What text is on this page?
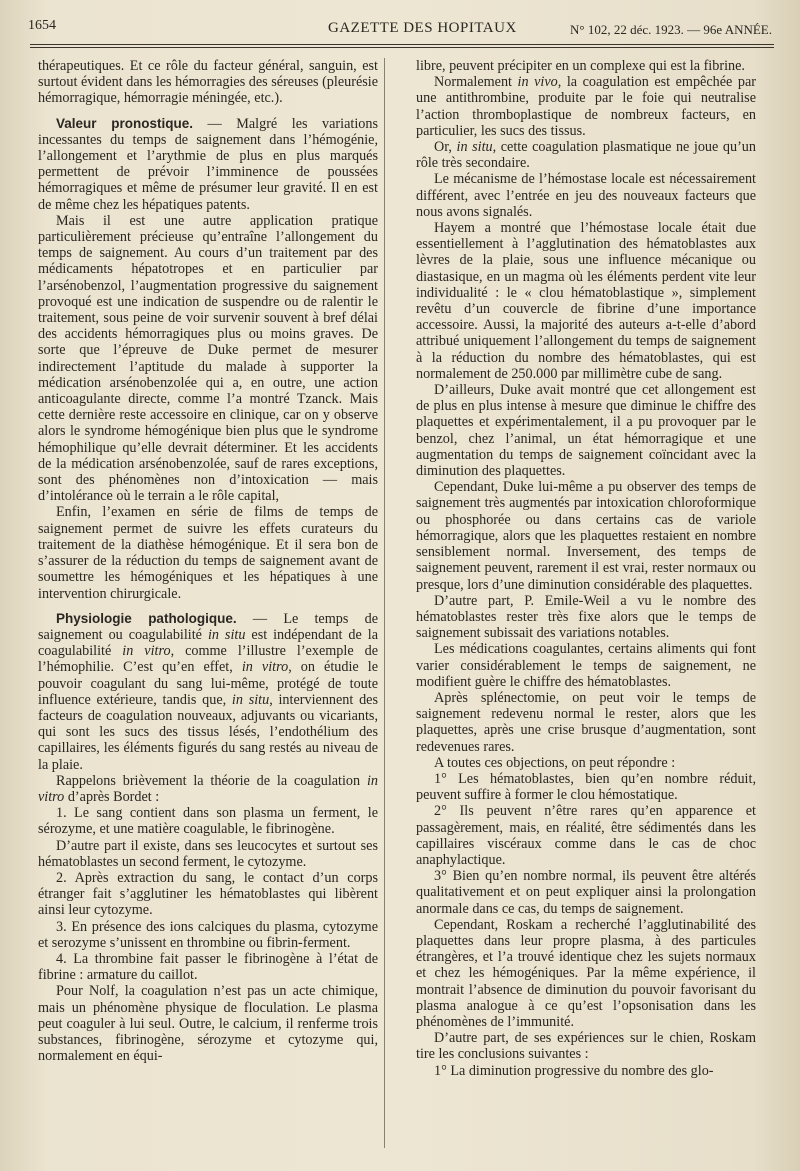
1654	GAZETTE DES HOPITAUX	N° 102, 22 déc. 1923. — 96e ANNÉE.

thérapeutiques. Et ce rôle du facteur général, sanguin, est surtout évident dans les hémorragies des séreuses (pleurésie hémorragique, hémorragie méningée, etc.).

Valeur pronostique. — Malgré les variations incessantes du temps de saignement dans l’hémogénie, l’allongement et l’arythmie de plus en plus marqués permettent de prévoir l’imminence de poussées hémorragiques et même de présumer leur gravité. Il en est de même chez les hépatiques patents.

Mais il est une autre application pratique particulièrement précieuse qu’entraîne l’allongement du temps de saignement. Au cours d’un traitement par des médicaments hépatotropes et en particulier par l’arsénobenzol, l’augmentation progressive du saignement provoqué est une indication de suspendre ou de ralentir le traitement, sous peine de voir survenir souvent à bref délai des accidents hémorragiques plus ou moins graves. De sorte que l’épreuve de Duke permet de mesurer indirectement l’aptitude du malade à supporter la médication arsénobenzolée qui a, en outre, une action anticoagulante directe, comme l’a montré Tzanck. Mais cette dernière reste accessoire en clinique, car on y observe alors le syndrome hémogénique bien plus que le syndrome hémophilique qu’elle devrait déterminer. Et les accidents de la médication arsénobenzolée, sauf de rares exceptions, sont des phénomènes non d’intoxication — mais d’intolérance où le terrain a le rôle capital,

Enfin, l’examen en série de films de temps de saignement permet de suivre les effets curateurs du traitement de la diathèse hémogénique. Et il sera bon de s’assurer de la réduction du temps de saignement avant de soumettre les hémogéniques et les hépatiques à une intervention chirurgicale.

Physiologie pathologique. — Le temps de saignement ou coagulabilité in situ est indépendant de la coagulabilité in vitro, comme l’illustre l’exemple de l’hémophilie. C’est qu’en effet, in vitro, on étudie le pouvoir coagulant du sang lui-même, protégé de toute influence extérieure, tandis que, in situ, interviennent des facteurs de coagulation nouveaux, adjuvants ou vicariants, qui sont les sucs des tissus lésés, l’endothélium des capillaires, les éléments figurés du sang restés au niveau de la plaie.

Rappelons brièvement la théorie de la coagulation in vitro d’après Bordet :

1. Le sang contient dans son plasma un ferment, le sérozyme, et une matière coagulable, le fibrinogène.

D’autre part il existe, dans ses leucocytes et surtout ses hématoblastes un second ferment, le cytozyme.

2. Après extraction du sang, le contact d’un corps étranger fait s’agglutiner les hématoblastes qui libèrent ainsi leur cytozyme.

3. En présence des ions calciques du plasma, cytozyme et serozyme s’unissent en thrombine ou fibrin-ferment.

4. La thrombine fait passer le fibrinogène à l’état de fibrine : armature du caillot.

Pour Nolf, la coagulation n’est pas un acte chimique, mais un phénomène physique de floculation. Le plasma peut coaguler à lui seul. Outre, le calcium, il renferme trois substances, fibrinogène, sérozyme et cytozyme qui, normalement en équi-

libre, peuvent précipiter en un complexe qui est la fibrine.

Normalement in vivo, la coagulation est empêchée par une antithrombine, produite par le foie qui neutralise l’action thromboplastique de nombreux facteurs, en particulier, les sucs des tissus.

Or, in situ, cette coagulation plasmatique ne joue qu’un rôle très secondaire.

Le mécanisme de l’hémostase locale est nécessairement différent, avec l’entrée en jeu des nouveaux facteurs que nous avons signalés.

Hayem a montré que l’hémostase locale était due essentiellement à l’agglutination des hématoblastes aux lèvres de la plaie, sous une influence mécanique ou diastasique, en un magma où les éléments perdent vite leur individualité : le « clou hématoblastique », simplement revêtu d’un couvercle de fibrine d’une importance accessoire. Aussi, la majorité des auteurs a-t-elle d’abord attribué uniquement l’allongement du temps de saignement à la réduction du nombre des hématoblastes, qui est normalement de 250.000 par millimètre cube de sang.

D’ailleurs, Duke avait montré que cet allongement est de plus en plus intense à mesure que diminue le chiffre des plaquettes et expérimentalement, il a pu provoquer par le benzol, chez l’animal, un état hémorragique et une augmentation du temps de saignement coïncidant avec la diminution des plaquettes.

Cependant, Duke lui-même a pu observer des temps de saignement très augmentés par intoxication chloroformique ou phosphorée ou dans certains cas de variole hémorragique, alors que les plaquettes restaient en nombre sensiblement normal. Inversement, des temps de saignement peuvent, rarement il est vrai, rester normaux ou presque, lors d’une diminution considérable des plaquettes.

D’autre part, P. Emile-Weil a vu le nombre des hématoblastes rester très fixe alors que le temps de saignement subissait des variations notables.

Les médications coagulantes, certains aliments qui font varier considérablement le temps de saignement, ne modifient guère le chiffre des hématoblastes.

Après splénectomie, on peut voir le temps de saignement redevenu normal le rester, alors que les plaquettes, après une crise brusque d’augmentation, sont redevenues rares.

A toutes ces objections, on peut répondre :

1° Les hématoblastes, bien qu’en nombre réduit, peuvent suffire à former le clou hémostatique.

2° Ils peuvent n’être rares qu’en apparence et passagèrement, mais, en réalité, être sédimentés dans les capillaires viscéraux comme dans le cas de choc anaphylactique.

3° Bien qu’en nombre normal, ils peuvent être altérés qualitativement et on peut expliquer ainsi la prolongation anormale dans ce cas, du temps de saignement.

Cependant, Roskam a recherché l’agglutinabilité des plaquettes dans leur propre plasma, à des particules étrangères, et l’a trouvé identique chez les sujets normaux et chez les hémogéniques. Par la même expérience, il montrait l’absence de diminution du pouvoir favorisant du plasma analogue à ce qu’est l’opsonisation dans les phénomènes de l’immunité.

D’autre part, de ses expériences sur le chien, Roskam tire les conclusions suivantes :

1° La diminution progressive du nombre des glo-
